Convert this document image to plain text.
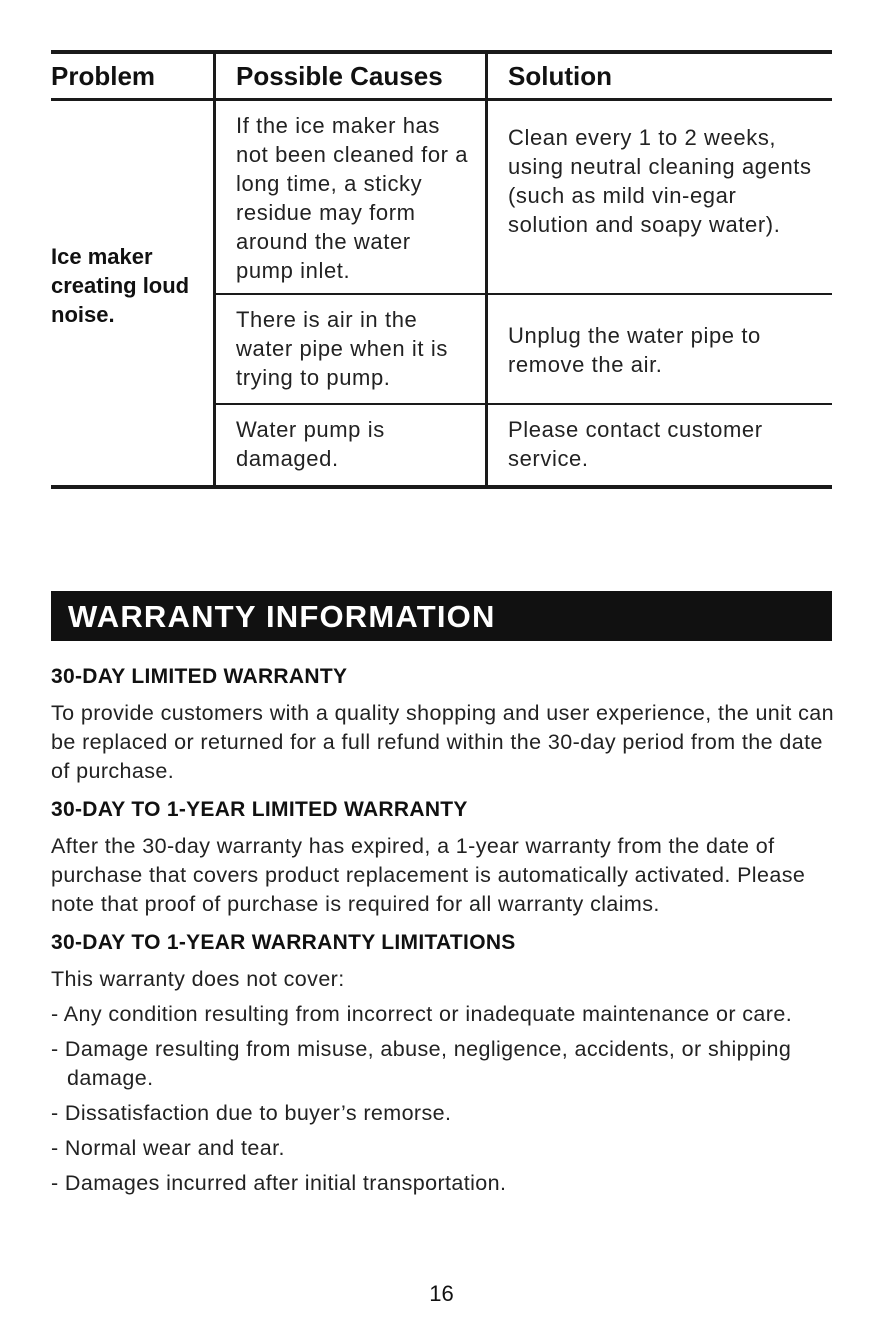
Problem	Possible Causes	Solution
Ice maker creating loud noise.
If the ice maker has not been cleaned for a long time, a sticky residue may form around the water pump inlet.
Clean every 1 to 2 weeks, using neutral cleaning agents (such as mild vin-egar solution and soapy water).
There is air in the water pipe when it is trying to pump.
Unplug the water pipe to remove the air.
Water pump is damaged.
Please contact customer service.
WARRANTY INFORMATION
30-DAY LIMITED WARRANTY

To provide customers with a quality shopping and user experience, the unit can be replaced or returned for a full refund within the 30-day period from the date of purchase.

30-DAY TO 1-YEAR LIMITED WARRANTY

After the 30-day warranty has expired, a 1-year warranty from the date of purchase that covers product replacement is automatically activated. Please note that proof of purchase is required for all warranty claims.

30-DAY TO 1-YEAR WARRANTY LIMITATIONS

This warranty does not cover:

- Any condition resulting from incorrect or inadequate maintenance or care.
- Damage resulting from misuse, abuse, negligence, accidents, or shipping damage.
- Dissatisfaction due to buyer’s remorse.
- Normal wear and tear.
- Damages incurred after initial transportation.
16
